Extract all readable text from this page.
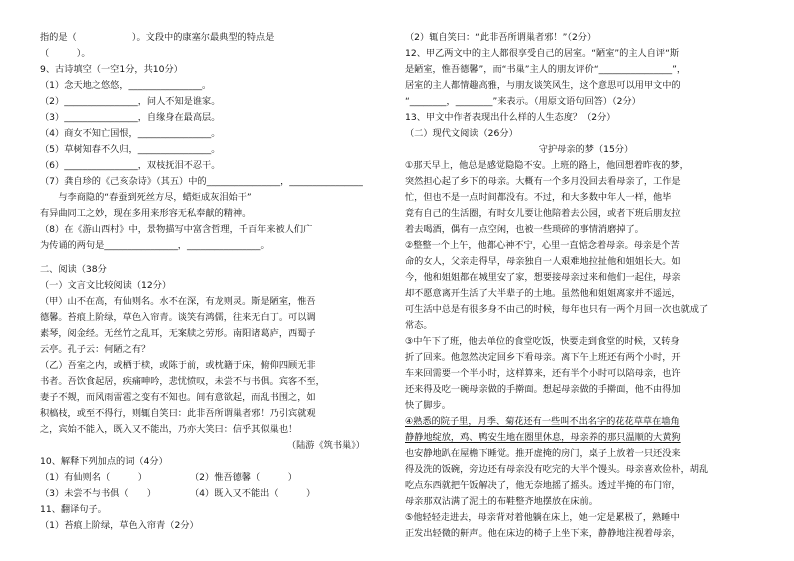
指的是（　　　　　　）。文段中的康塞尔最典型的特点是
（　　　）。
9、古诗填空（一空1分，共10分）
（1）念天地之悠悠，________________。
（2）________________，问人不知是谁家。
（3）________________，自缘身在最高层。
（4）商女不知亡国恨，________________。
（5）草树知春不久归，________________。
（6）________________，双枝抚泪不忍干。
（7）龚自珍的《己亥杂诗》（其五）中的________________，________________
　　与李商隐的“春蚕到死丝方尽，蜡炬成灰泪始干”
有异曲同工之妙，现在多用来形容无私奉献的精神。
（8）在《游山西村》中，景物描写中富含哲理，千百年来被人们广
为传诵的两句是________________，________________。
二、阅读（38分
（一）文言文比较阅读（12分）
（甲）山不在高，有仙则名。水不在深，有龙则灵。斯是陋室，惟吾
德馨。苔痕上阶绿，草色入帘青。谈笑有鸿儒，往来无白丁。可以调
素琴，阅金经。无丝竹之乱耳，无案牍之劳形。南阳诸葛庐，西蜀子
云亭。孔子云：何陋之有？
（乙）吾室之内，或栖于椟，或陈于前，或枕籍于床，俯仰四顾无非
书者。吾饮食起居，疾痛呻吟，悲忧愤叹，未尝不与书俱。宾客不至，
妻子不觌，而风雨雷雹之变有不知也。间有意欲起，而乱书围之，如
积槁枝，或至不得行，则辄自笑曰：此非吾所谓巢者邪！乃引宾就观
之，宾始不能入，既入又不能出，乃亦大笑曰：信乎其似巢也！
（陆游《筑书巢》）
10、解释下列加点的词（4分）
（1）有仙则名（　　　）	（2）惟吾德馨（　　　）
（3）未尝不与书俱（　　）	（4）既入又不能出（　　　）
11、翻译句子。
（1）苔痕上阶绿，草色入帘青（2分）
（2）辄自笑曰：“此非吾所谓巢者邪！”（2分）
12、甲乙两文中的主人都很享受自己的居室。“陋室”的主人自评“斯
是陋室，惟吾德馨”，而“书巢”主人的朋友评价“________________”，
居室的主人都情趣高雅，与朋友谈笑风生，这个意思可以用甲文中的
“________，________”来表示。（用原文语句回答）（2分）
13、甲文中作者表现出什么样的人生态度？（2分）
（二）现代文阅读（26分）
守护母亲的梦（15分）
①那天早上，他总是感觉隐隐不安。上班的路上，他回想着昨夜的梦，
突然担心起了乡下的母亲。大概有一个多月没回去看母亲了，工作是
忙，但也不是一点时间都没有。不过，和大多数中年人一样，他毕
竟有自己的生活圈，有时女儿要让他陪着去公园，或者下班后朋友拉
着去喝酒，偶有一点空闲，也被一些琐碎的事情消磨掉了。
②整整一个上午，他都心神不宁，心里一直惦念着母亲。母亲是个苦
命的女人，父亲走得早，母亲独自一人艰难地拉扯他和姐姐长大。如
今，他和姐姐都在城里安了家，想要接母亲过来和他们一起住，母亲
却不愿意离开生活了大半辈子的土地。虽然他和姐姐离家并不遥远，
可生活中总是有很多身不由己的时候，每年也只有一两个月回一次也就成了
常态。
③中午下了班，他去单位的食堂吃饭，快要走到食堂的时候，又转身
折了回来。他忽然决定回乡下看母亲。离下午上班还有两个小时，开
车来回需要一个半小时，这样算来，还有半个小时可以陪母亲，也许
还来得及吃一碗母亲做的手擀面。想起母亲做的手擀面，他不由得加
快了脚步。
④熟悉的院子里，月季、菊花还有一些叫不出名字的花花草草在墙角
静静地绽放，鸡、鸭安生地在圈里休息，母亲养的那只温顺的大黄狗
也安静地趴在屋檐下睡觉。推开虚掩的房门，桌子上放着一只还没来
得及洗的饭碗，旁边还有母亲没有吃完的大半个馒头。母亲喜欢俭朴，胡乱
吃点东西就把午饭解决了，他无奈地摇了摇头。透过半掩的布门帘，
母亲那双沾满了泥土的布鞋整齐地摆放在床前。
⑤他轻轻走进去，母亲背对着他躺在床上，她一定是累极了，熟睡中
正发出轻微的鼾声。他在床边的椅子上坐下来，静静地注视着母亲，
